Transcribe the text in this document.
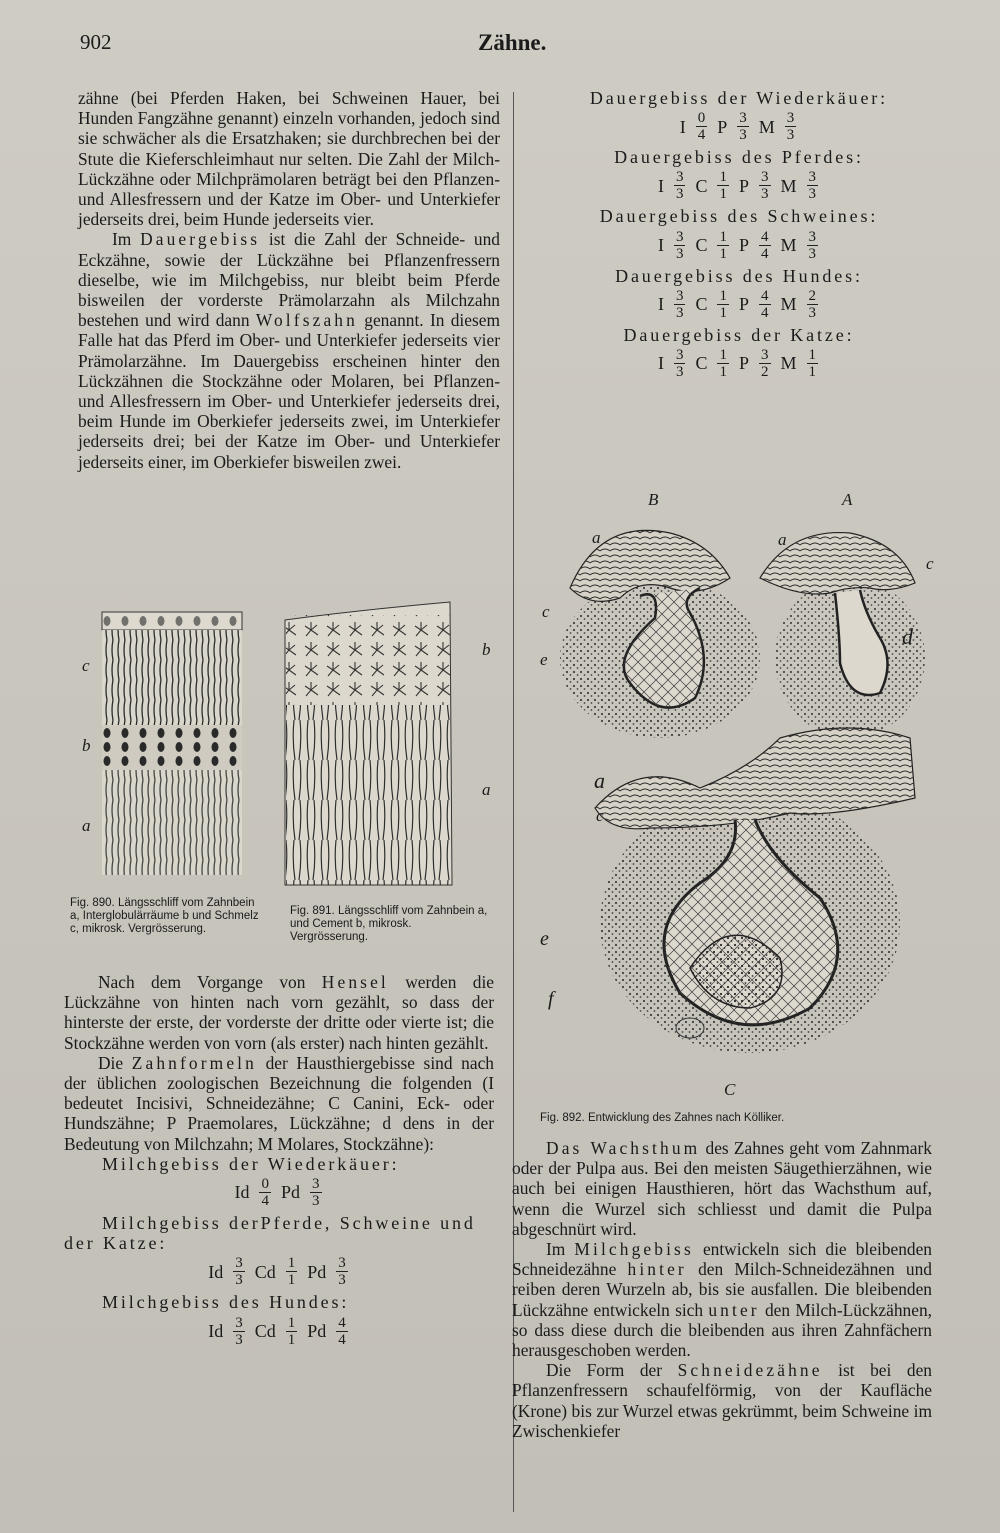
902	Zähne.

zähne (bei Pferden Haken, bei Schweinen Hauer, bei Hunden Fangzähne genannt) einzeln vorhanden, jedoch sind sie schwächer als die Ersatzhaken; sie durchbrechen bei der Stute die Kieferschleimhaut nur selten. Die Zahl der Milch-Lückzähne oder Milchprämolaren beträgt bei den Pflanzen- und Allesfressern und der Katze im Ober- und Unterkiefer jederseits drei, beim Hunde jederseits vier.

Im Dauergebiss ist die Zahl der Schneide- und Eckzähne, sowie der Lückzähne bei Pflanzenfressern dieselbe, wie im Milchgebiss, nur bleibt beim Pferde bisweilen der vorderste Prämolarzahn als Milchzahn bestehen und wird dann Wolfszahn genannt. In diesem Falle hat das Pferd im Ober- und Unterkiefer jederseits vier Prämolarzähne. Im Dauergebiss erscheinen hinter den Lückzähnen die Stockzähne oder Molaren, bei Pflanzen- und Allesfressern im Ober- und Unterkiefer jederseits drei, beim Hunde im Oberkiefer jederseits zwei, im Unterkiefer jederseits drei; bei der Katze im Ober- und Unterkiefer jederseits einer, im Oberkiefer bisweilen zwei.

c
b
a
b
a
Fig. 890. Längsschliff vom Zahnbein a, Interglobulärräume b und Schmelz c, mikrosk. Vergrösserung.
Fig. 891. Längsschliff vom Zahnbein a, und Cement b, mikrosk. Vergrösserung.

Nach dem Vorgange von Hensel werden die Lückzähne von hinten nach vorn gezählt, so dass der hinterste der erste, der vorderste der dritte oder vierte ist; die Stockzähne werden von vorn (als erster) nach hinten gezählt.

Die Zahnformeln der Hausthiergebisse sind nach der üblichen zoologischen Bezeichnung die folgenden (I bedeutet Incisivi, Schneidezähne; C Canini, Eck- oder Hundszähne; P Praemolares, Lückzähne; d dens in der Bedeutung von Milchzahn; M Molares, Stockzähne):

Milchgebiss der Wiederkäuer:

Id $\frac{0}{4}$ Pd $\frac{3}{3}$

Milchgebiss derPferde, Schweine und der Katze:

Id $\frac{3}{3}$ Cd $\frac{1}{1}$ Pd $\frac{3}{3}$

Milchgebiss des Hundes:

Id $\frac{3}{3}$ Cd $\frac{1}{1}$ Pd $\frac{4}{4}$

Dauergebiss der Wiederkäuer:

I $\frac{0}{4}$ P $\frac{3}{3}$ M $\frac{3}{3}$

Dauergebiss des Pferdes:

I $\frac{3}{3}$ C $\frac{1}{1}$ P $\frac{3}{3}$ M $\frac{3}{3}$

Dauergebiss des Schweines:

I $\frac{3}{3}$ C $\frac{1}{1}$ P $\frac{4}{4}$ M $\frac{3}{3}$

Dauergebiss des Hundes:

I $\frac{3}{3}$ C $\frac{1}{1}$ P $\frac{4}{4}$ M $\frac{2}{3}$

Dauergebiss der Katze:

I $\frac{3}{3}$ C $\frac{1}{1}$ P $\frac{3}{2}$ M $\frac{1}{1}$
B	A
a	a
c
c
d
e
a
c
e
f
C
Fig. 892. Entwicklung des Zahnes nach Kölliker.

Das Wachsthum des Zahnes geht vom Zahnmark oder der Pulpa aus. Bei den meisten Säugethierzähnen, wie auch bei einigen Hausthieren, hört das Wachsthum auf, wenn die Wurzel sich schliesst und damit die Pulpa abgeschnürt wird.

Im Milchgebiss entwickeln sich die bleibenden Schneidezähne hinter den Milch-Schneidezähnen und reiben deren Wurzeln ab, bis sie ausfallen. Die bleibenden Lückzähne entwickeln sich unter den Milch-Lückzähnen, so dass diese durch die bleibenden aus ihren Zahnfächern herausgeschoben werden.

Die Form der Schneidezähne ist bei den Pflanzenfressern schaufelförmig, von der Kaufläche (Krone) bis zur Wurzel etwas gekrümmt, beim Schweine im Zwischenkiefer
